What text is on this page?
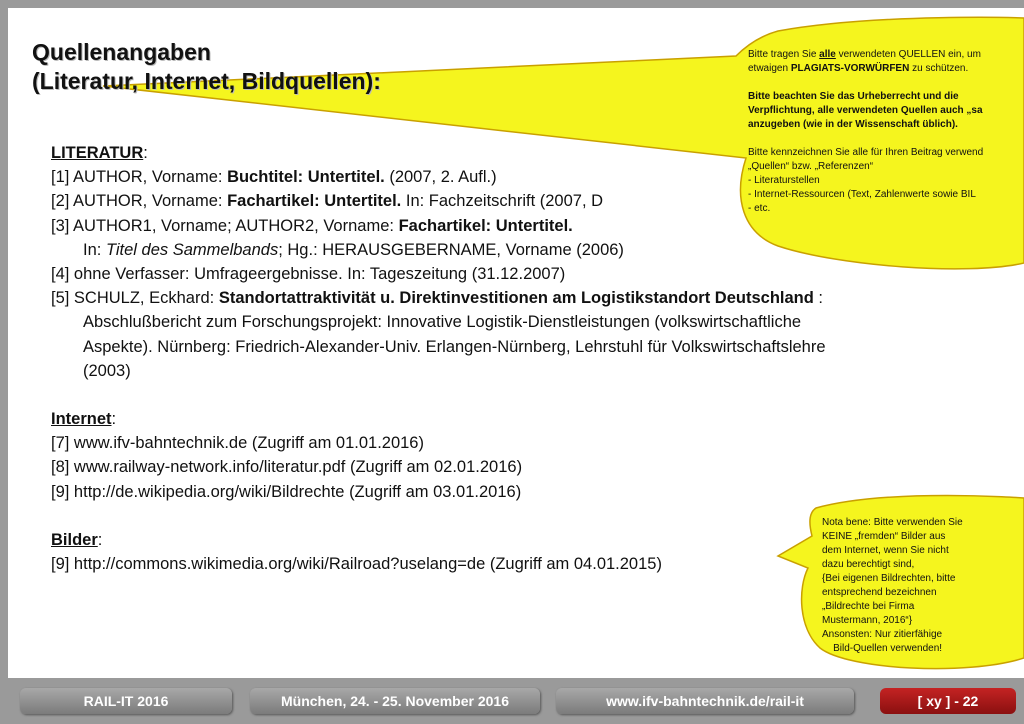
Quellenangaben
(Literatur, Internet, Bildquellen):
LITERATUR:
[1] AUTHOR, Vorname: Buchtitel: Untertitel. (2007, 2. Aufl.)
[2] AUTHOR, Vorname: Fachartikel: Untertitel. In: Fachzeitschrift (2007, D
[3] AUTHOR1, Vorname; AUTHOR2, Vorname: Fachartikel: Untertitel.
In: Titel des Sammelbands; Hg.: HERAUSGEBERNAME, Vorname (2006)
[4] ohne Verfasser: Umfrageergebnisse. In: Tageszeitung (31.12.2007)
[5] SCHULZ, Eckhard: Standortattraktivität u. Direktinvestitionen am Logistikstandort Deutschland :
Abschlußbericht zum Forschungsprojekt: Innovative Logistik-Dienstleistungen (volkswirtschaftliche
Aspekte). Nürnberg: Friedrich-Alexander-Univ. Erlangen-Nürnberg, Lehrstuhl für Volkswirtschaftslehre
(2003)
Internet:
[7] www.ifv-bahntechnik.de (Zugriff am 01.01.2016)
[8] www.railway-network.info/literatur.pdf (Zugriff am 02.01.2016)
[9] http://de.wikipedia.org/wiki/Bildrechte (Zugriff am 03.01.2016)
Bilder:
[9] http://commons.wikimedia.org/wiki/Railroad?uselang=de (Zugriff am 04.01.2015)
Bitte tragen Sie alle verwendeten QUELLEN ein, um
etwaigen PLAGIATS-VORWÜRFEN zu schützen.
Bitte beachten Sie das Urheberrecht und die
Verpflichtung, alle verwendeten Quellen auch „sa
anzugeben (wie in der Wissenschaft üblich).
Bitte kennzeichnen Sie alle für Ihren Beitrag verwend
„Quellen“ bzw. „Referenzen“
- Literaturstellen
- Internet-Ressourcen (Text, Zahlenwerte sowie BIL
- etc.
Nota bene: Bitte verwenden Sie
KEINE „fremden“ Bilder aus
dem Internet, wenn Sie nicht
dazu berechtigt sind,
{Bei eigenen Bildrechten, bitte
entsprechend bezeichnen
„Bildrechte bei Firma
Mustermann, 2016“}
Ansonsten: Nur zitierfähige
Bild-Quellen verwenden!
RAIL-IT 2016	München, 24. - 25. November 2016	www.ifv-bahntechnik.de/rail-it	[ xy ] - 22
